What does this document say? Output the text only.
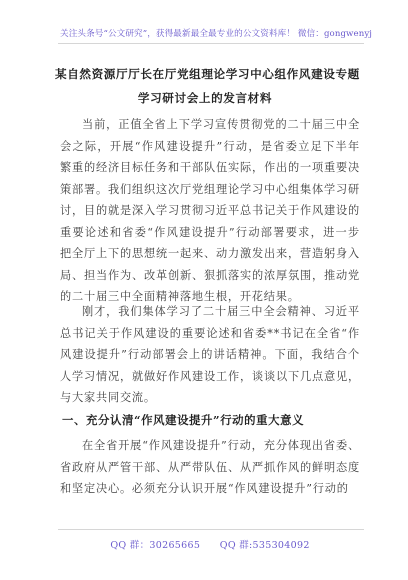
关注头条号“公文研究”，获得最新最全最专业的公文资料库！ 微信：gongwenyj
某自然资源厅厅长在厅党组理论学习中心组作风建设专题
学习研讨会上的发言材料
当前，正值全省上下学习宣传贯彻党的二十届三中全会之际，开展“作风建设提升”行动，是省委立足下半年繁重的经济目标任务和干部队伍实际，作出的一项重要决策部署。我们组织这次厅党组理论学习中心组集体学习研讨，目的就是深入学习贯彻习近平总书记关于作风建设的重要论述和省委“作风建设提升”行动部署要求，进一步把全厅上下的思想统一起来、动力激发出来，营造躬身入局、担当作为、改革创新、狠抓落实的浓厚氛围，推动党的二十届三中全面精神落地生根，开花结果。
刚才，我们集体学习了二十届三中全会精神、习近平总书记关于作风建设的重要论述和省委**书记在全省“作风建设提升”行动部署会上的讲话精神。下面，我结合个人学习情况，就做好作风建设工作，谈谈以下几点意见，与大家共同交流。
一、充分认清“作风建设提升”行动的重大意义
在全省开展“作风建设提升”行动，充分体现出省委、省政府从严管干部、从严带队伍、从严抓作风的鲜明态度和坚定决心。必须充分认识开展“作风建设提升”行动的
QQ 群：30265665　　QQ 群:535304092
